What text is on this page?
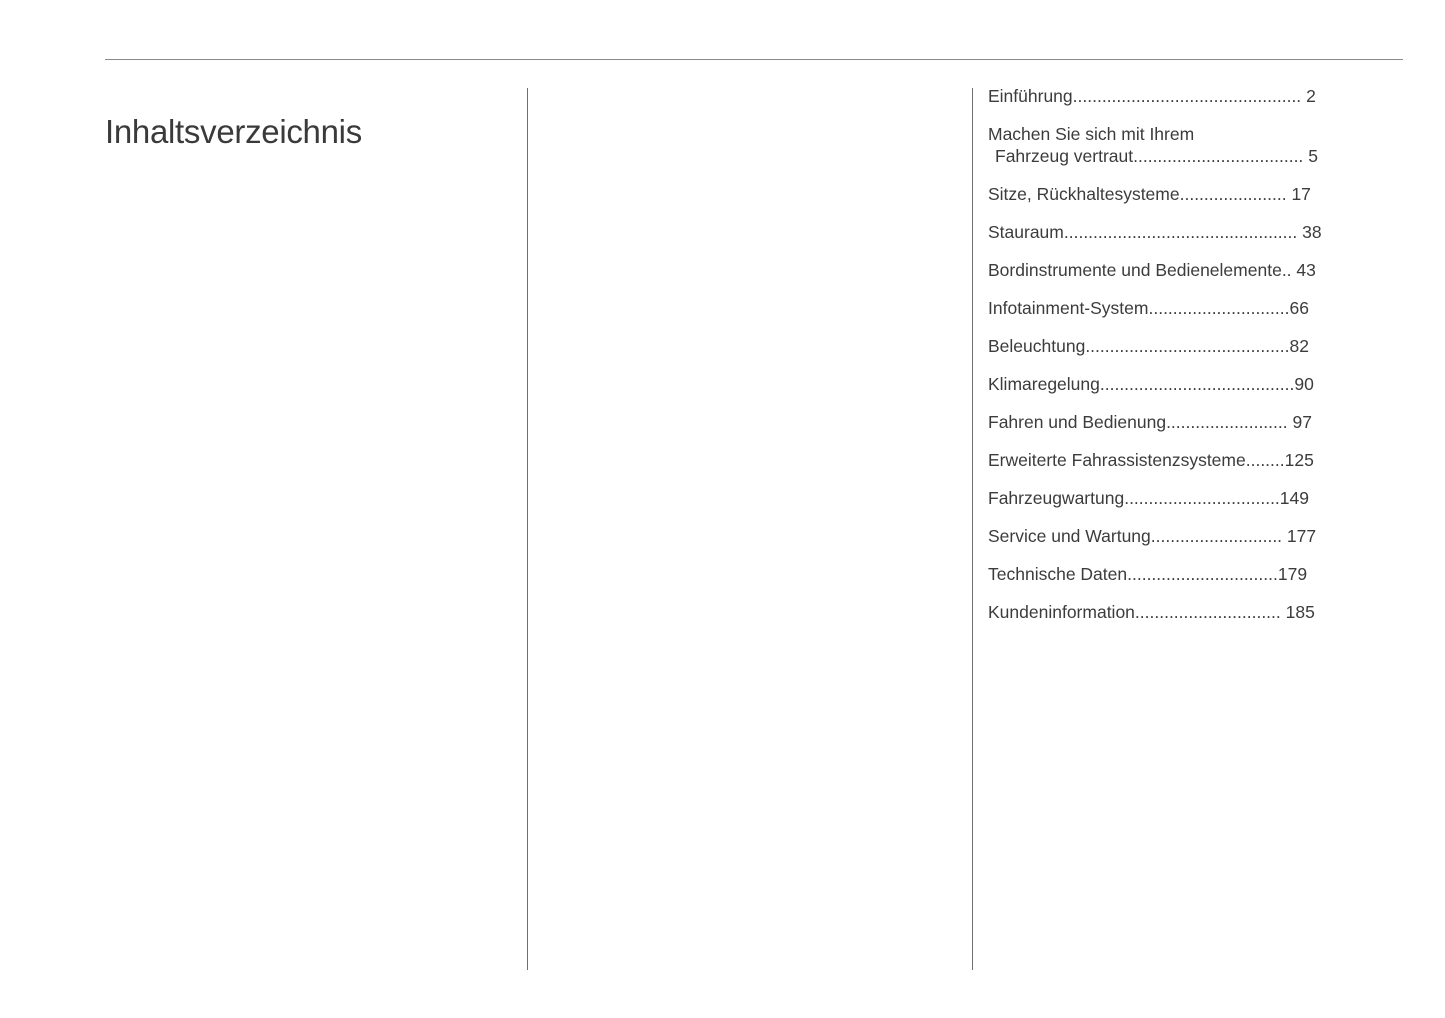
Inhaltsverzeichnis
Einführung............................................... 2
Machen Sie sich mit Ihrem
Fahrzeug vertraut................................... 5
Sitze, Rückhaltesysteme...................... 17
Stauraum................................................ 38
Bordinstrumente und Bedienelemente.. 43
Infotainment-System.............................66
Beleuchtung..........................................82
Klimaregelung........................................90
Fahren und Bedienung......................... 97
Erweiterte Fahrassistenzsysteme........125
Fahrzeugwartung................................149
Service und Wartung........................... 177
Technische Daten...............................179
Kundeninformation.............................. 185
